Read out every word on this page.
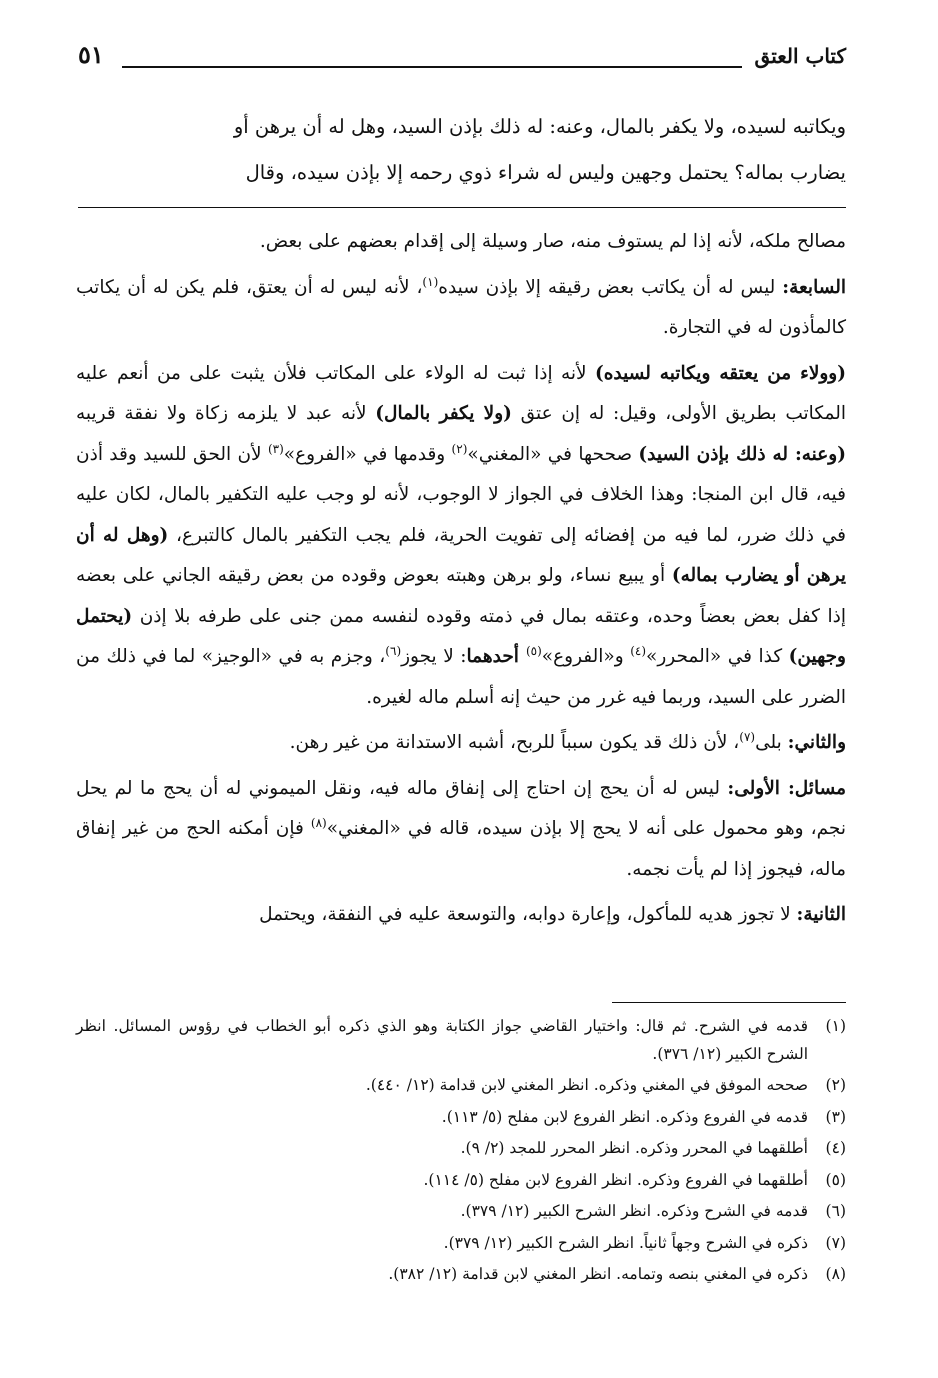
كتاب العتق
٥١

ويكاتبه لسيده، ولا يكفر بالمال، وعنه: له ذلك بإذن السيد، وهل له أن يرهن أو

يضارب بماله؟ يحتمل وجهين وليس له شراء ذوي رحمه إلا بإذن سيده، وقال

مصالح ملكه، لأنه إذا لم يستوف منه، صار وسيلة إلى إقدام بعضهم على بعض.

السابعة: ليس له أن يكاتب بعض رقيقه إلا بإذن سيده$^{(١)}$، لأنه ليس له أن يعتق، فلم يكن له أن يكاتب كالمأذون له في التجارة.

(وولاء من يعتقه ويكاتبه لسيده) لأنه إذا ثبت له الولاء على المكاتب فلأن يثبت على من أنعم عليه المكاتب بطريق الأولى، وقيل: له إن عتق (ولا يكفر بالمال) لأنه عبد لا يلزمه زكاة ولا نفقة قريبه (وعنه: له ذلك بإذن السيد) صححها في «المغني»$^{(٢)}$ وقدمها في «الفروع»$^{(٣)}$ لأن الحق للسيد وقد أذن فيه، قال ابن المنجا: وهذا الخلاف في الجواز لا الوجوب، لأنه لو وجب عليه التكفير بالمال، لكان عليه في ذلك ضرر، لما فيه من إفضائه إلى تفويت الحرية، فلم يجب التكفير بالمال كالتبرع، (وهل له أن يرهن أو يضارب بماله) أو يبيع نساء، ولو برهن وهبته بعوض وقوده من بعض رقيقه الجاني على بعضه إذا كفل بعض بعضاً وحده، وعتقه بمال في ذمته وقوده لنفسه ممن جنى على طرفه بلا إذن (يحتمل وجهين) كذا في «المحرر»$^{(٤)}$ و«الفروع»$^{(٥)}$ أحدهما: لا يجوز$^{(٦)}$، وجزم به في «الوجيز» لما في ذلك من الضرر على السيد، وربما فيه غرر من حيث إنه أسلم ماله لغيره.

والثاني: بلى$^{(٧)}$، لأن ذلك قد يكون سبباً للربح، أشبه الاستدانة من غير رهن.

مسائل: الأولى: ليس له أن يحج إن احتاج إلى إنفاق ماله فيه، ونقل الميموني له أن يحج ما لم يحل نجم، وهو محمول على أنه لا يحج إلا بإذن سيده، قاله في «المغني»$^{(٨)}$ فإن أمكنه الحج من غير إنفاق ماله، فيجوز إذا لم يأت نجمه.

الثانية: لا تجوز هديه للمأكول، وإعارة دوابه، والتوسعة عليه في النفقة، ويحتمل

(١)
قدمه في الشرح. ثم قال: واختيار القاضي جواز الكتابة وهو الذي ذكره أبو الخطاب في رؤوس المسائل. انظر الشرح الكبير (١٢/ ٣٧٦).
(٢)
صححه الموفق في المغني وذكره. انظر المغني لابن قدامة (١٢/ ٤٤٠).
(٣)
قدمه في الفروع وذكره. انظر الفروع لابن مفلح (٥/ ١١٣).
(٤)
أطلقهما في المحرر وذكره. انظر المحرر للمجد (٢/ ٩).
(٥)
أطلقهما في الفروع وذكره. انظر الفروع لابن مفلح (٥/ ١١٤).
(٦)
قدمه في الشرح وذكره. انظر الشرح الكبير (١٢/ ٣٧٩).
(٧)
ذكره في الشرح وجهاً ثانياً. انظر الشرح الكبير (١٢/ ٣٧٩).
(٨)
ذكره في المغني بنصه وتمامه. انظر المغني لابن قدامة (١٢/ ٣٨٢).
